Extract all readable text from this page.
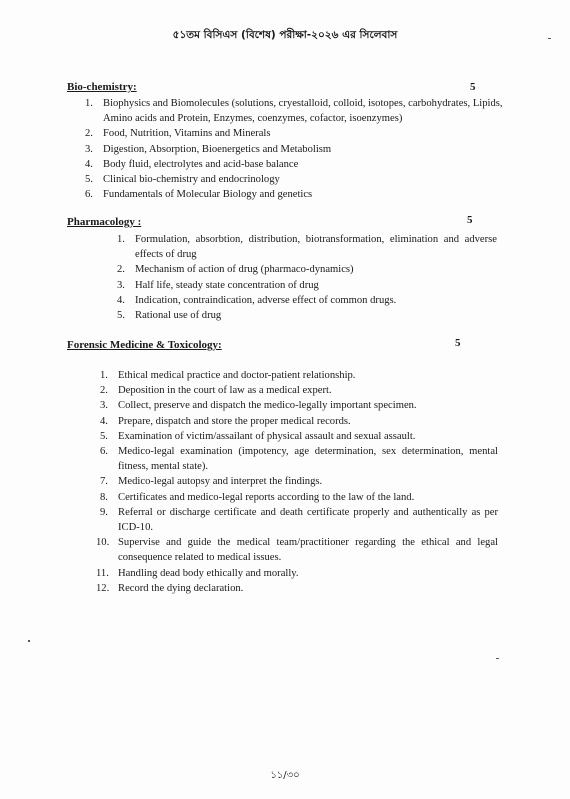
৫১তম বিসিএস (বিশেষ) পরীক্ষা-২০২৬ এর সিলেবাস
Bio-chemistry:	5
1. Biophysics and Biomolecules (solutions, cryestalloid, colloid, isotopes, carbohydrates, Lipids, Amino acids and Protein, Enzymes, coenzymes, cofactor, isoenzymes)
2. Food, Nutrition, Vitamins and Minerals
3. Digestion, Absorption, Bioenergetics and Metabolism
4. Body fluid, electrolytes and acid-base balance
5. Clinical bio-chemistry and endocrinology
6. Fundamentals of Molecular Biology and genetics
Pharmacology :	5
1. Formulation, absorbtion, distribution, biotransformation, elimination and adverse effects of drug
2. Mechanism of action of drug (pharmaco-dynamics)
3. Half life, steady state concentration of drug
4. Indication, contraindication, adverse effect of common drugs.
5. Rational use of drug
Forensic Medicine & Toxicology:	5
1. Ethical medical practice and doctor-patient relationship.
2. Deposition in the court of law as a medical expert.
3. Collect, preserve and dispatch the medico-legally important specimen.
4. Prepare, dispatch and store the proper medical records.
5. Examination of victim/assailant of physical assault and sexual assault.
6. Medico-legal examination (impotency, age determination, sex determination, mental fitness, mental state).
7. Medico-legal autopsy and interpret the findings.
8. Certificates and medico-legal reports according to the law of the land.
9. Referral or discharge certificate and death certificate properly and authentically as per ICD-10.
10. Supervise and guide the medical team/practitioner regarding the ethical and legal consequence related to medical issues.
11. Handling dead body ethically and morally.
12. Record the dying declaration.
১১/৩০
